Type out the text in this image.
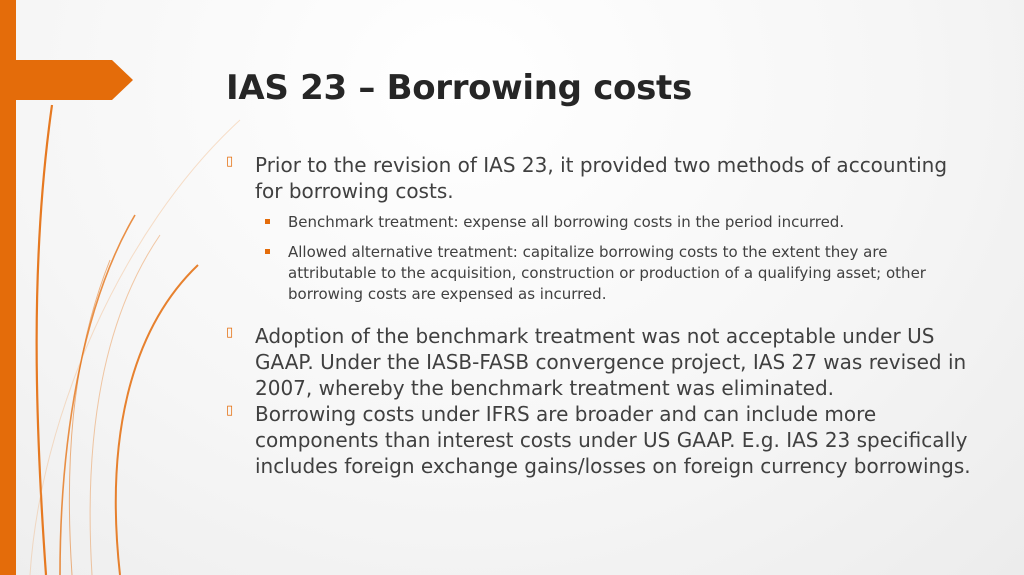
IAS 23 – Borrowing costs
▯ Prior to the revision of IAS 23, it provided two methods of accounting for borrowing costs.
Benchmark treatment: expense all borrowing costs in the period incurred.
Allowed alternative treatment: capitalize borrowing costs to the extent they are attributable to the acquisition, construction or production of a qualifying asset; other borrowing costs are expensed as incurred.
▯ Adoption of the benchmark treatment was not acceptable under US GAAP. Under the IASB-FASB convergence project, IAS 27 was revised in 2007, whereby the benchmark treatment was eliminated.
▯ Borrowing costs under IFRS are broader and can include more components than interest costs under US GAAP. E.g. IAS 23 specifically includes foreign exchange gains/losses on foreign currency borrowings.
